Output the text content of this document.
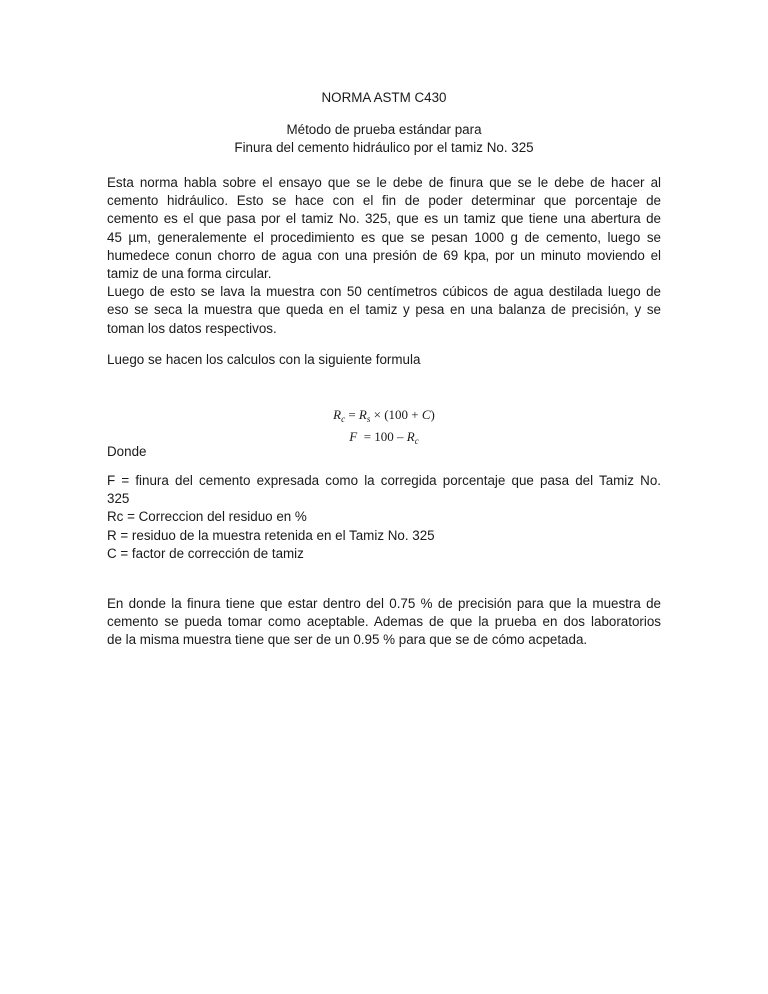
NORMA ASTM C430
Método de prueba estándar para
Finura del cemento hidráulico por el tamiz No. 325
Esta norma habla sobre el ensayo que se le debe de finura que se le debe de hacer al
cemento hidráulico. Esto se hace con el fin de poder determinar que porcentaje de
cemento es el que pasa por el tamiz No. 325, que es un tamiz que tiene una abertura de
45 µm, generalemente el procedimiento es que se pesan 1000 g de cemento, luego se
humedece conun chorro de agua con una presión de 69 kpa, por un minuto moviendo el
tamiz de una forma circular.
Luego de esto se lava la muestra con 50 centímetros cúbicos de agua destilada luego de
eso se seca la muestra que queda en el tamiz y pesa en una balanza de precisión, y se
toman los datos respectivos.
Luego se hacen los calculos con la siguiente formula
$R_c = R_s \times (100 + C)$
$F = 100 - R_c$
Donde
F = finura del cemento expresada como la corregida porcentaje que pasa del Tamiz No.
325
Rc = Correccion del residuo en %
R = residuo de la muestra retenida en el Tamiz No. 325
C = factor de corrección de tamiz
En donde la finura tiene que estar dentro del 0.75 % de precisión para que la muestra de
cemento se pueda tomar como aceptable. Ademas de que la prueba en dos laboratorios
de la misma muestra tiene que ser de un 0.95 % para que se de cómo acpetada.
